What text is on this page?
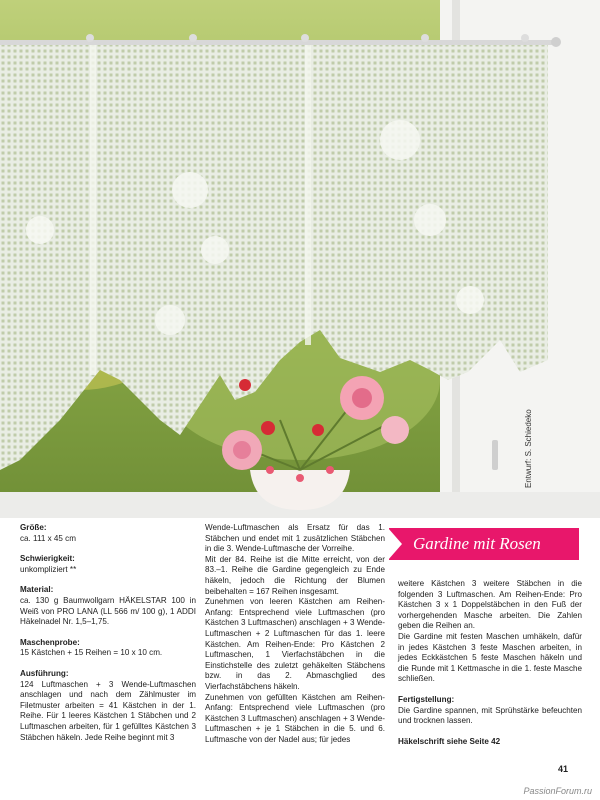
Entwurf: S. Schiedeko
Gardine mit Rosen

Größe:

ca. 111 x 45 cm

Schwierigkeit:

unkompliziert **

Material:

ca. 130 g Baumwollgarn HÄKELSTAR 100 in Weiß von PRO LANA (LL 566 m/ 100 g), 1 ADDI Häkelnadel Nr. 1,5–1,75.

Maschenprobe:

15 Kästchen + 15 Reihen = 10 x 10 cm.

Ausführung:

124 Luftmaschen + 3 Wende-Luftmaschen anschlagen und nach dem Zählmuster im Filetmuster arbeiten = 41 Kästchen in der 1. Reihe. Für 1 leeres Kästchen 1 Stäbchen und 2 Luftmaschen arbeiten, für 1 gefülltes Kästchen 3 Stäbchen häkeln. Jede Reihe beginnt mit 3

Wende-Luftmaschen als Ersatz für das 1. Stäbchen und endet mit 1 zusätzlichen Stäbchen in die 3. Wende-Luftmasche der Vorreihe.

Mit der 84. Reihe ist die Mitte erreicht, von der 83.–1. Reihe die Gardine gegengleich zu Ende häkeln, jedoch die Richtung der Blumen beibehalten = 167 Reihen insgesamt.

Zunehmen von leeren Kästchen am Reihen-Anfang: Entsprechend viele Luftmaschen (pro Kästchen 3 Luftmaschen) anschlagen + 3 Wende-Luftmaschen + 2 Luftmaschen für das 1. leere Kästchen. Am Reihen-Ende: Pro Kästchen 2 Luftmaschen, 1 Vierfachstäbchen in die Einstichstelle des zuletzt gehäkelten Stäbchens bzw. in das 2. Abmaschglied des Vierfachstäbchens häkeln.

Zunehmen von gefüllten Kästchen am Reihen-Anfang: Entsprechend viele Luftmaschen (pro Kästchen 3 Luftmaschen) anschlagen + 3 Wende-Luftmaschen + je 1 Stäbchen in die 5. und 6. Luftmasche von der Nadel aus; für jedes

weitere Kästchen 3 weitere Stäbchen in die folgenden 3 Luftmaschen. Am Reihen-Ende: Pro Kästchen 3 x 1 Doppelstäbchen in den Fuß der vorhergehenden Masche arbeiten. Die Zahlen geben die Reihen an.

Die Gardine mit festen Maschen umhäkeln, dafür in jedes Kästchen 3 feste Maschen arbeiten, in jedes Eckkästchen 5 feste Maschen häkeln und die Runde mit 1 Kettmasche in die 1. feste Masche schließen.

Fertigstellung:

Die Gardine spannen, mit Sprühstärke befeuchten und trocknen lassen.

Häkelschrift siehe Seite 42

41
PassionForum.ru
